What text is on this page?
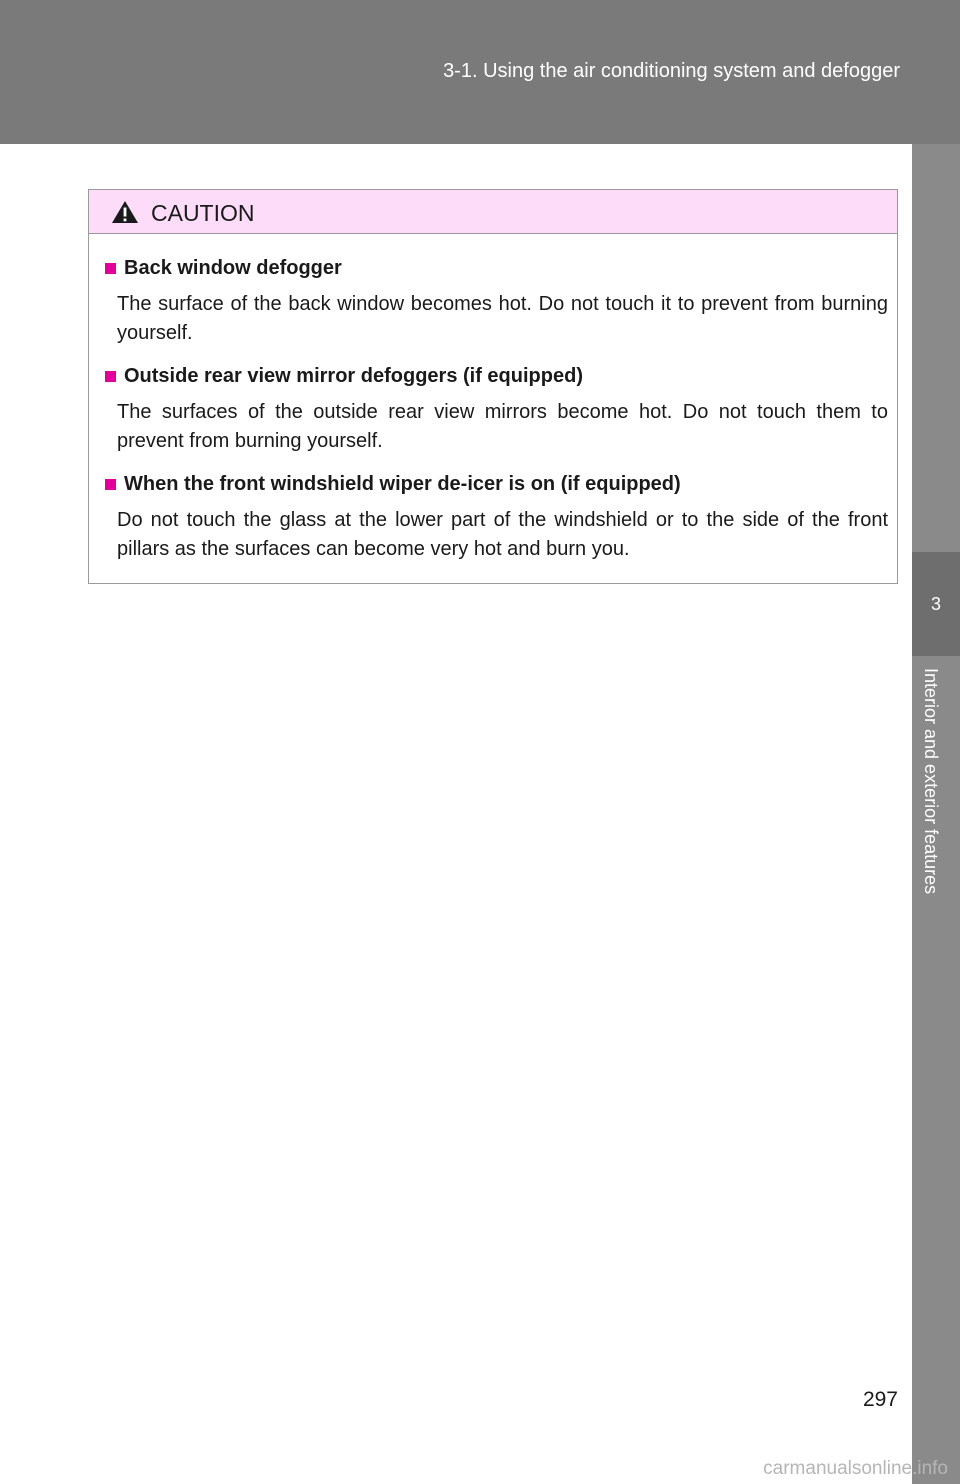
3-1. Using the air conditioning system and defogger
3
Interior and exterior features
CAUTION
Back window defogger
The surface of the back window becomes hot. Do not touch it to prevent from burning yourself.
Outside rear view mirror defoggers (if equipped)
The surfaces of the outside rear view mirrors become hot. Do not touch them to prevent from burning yourself.
When the front windshield wiper de-icer is on (if equipped)
Do not touch the glass at the lower part of the windshield or to the side of the front pillars as the surfaces can become very hot and burn you.
297
carmanualsonline.info
